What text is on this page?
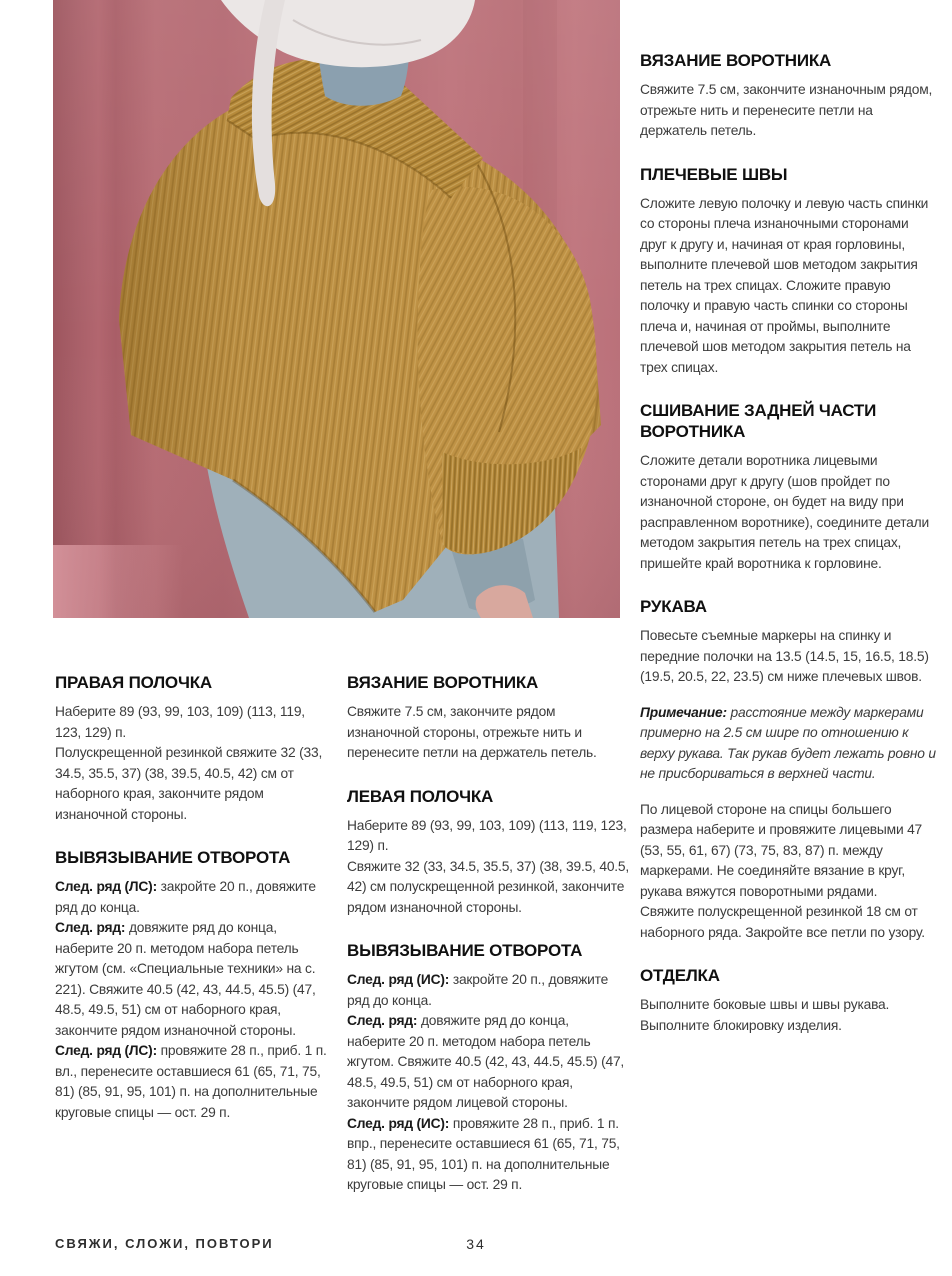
ВЯЗАНИЕ ВОРОТНИКА

Свяжите 7.5 см, закончите изнаночным рядом, отрежьте нить и перенесите петли на держатель петель.

ПЛЕЧЕВЫЕ ШВЫ

Сложите левую полочку и левую часть спинки со стороны плеча изнаночными сторонами друг к другу и, начиная от края горловины, выполните плечевой шов методом закрытия петель на трех спицах. Сложите правую полочку и правую часть спинки со стороны плеча и, начиная от проймы, выполните плечевой шов методом закрытия петель на трех спицах.

СШИВАНИЕ ЗАДНЕЙ ЧАСТИ ВОРОТНИКА

Сложите детали воротника лицевыми сторонами друг к другу (шов пройдет по изнаночной стороне, он будет на виду при расправленном воротнике), соедините детали методом закрытия петель на трех спицах, пришейте край воротника к горловине.

РУКАВА

Повесьте съемные маркеры на спинку и передние полочки на 13.5 (14.5, 15, 16.5, 18.5) (19.5, 20.5, 22, 23.5) см ниже плечевых швов.

Примечание: расстояние между маркерами примерно на 2.5 см шире по отношению к верху рукава. Так рукав будет лежать ровно и не присбориваться в верхней части.

По лицевой стороне на спицы большего размера наберите и провяжите лицевыми 47 (53, 55, 61, 67) (73, 75, 83, 87) п. между маркерами. Не соединяйте вязание в круг, рукава вяжутся поворотными рядами.

Свяжите полускрещенной резинкой 18 см от наборного ряда. Закройте все петли по узору.

ОТДЕЛКА

Выполните боковые швы и швы рукава.

Выполните блокировку изделия.

ПРАВАЯ ПОЛОЧКА

Наберите 89 (93, 99, 103, 109) (113, 119, 123, 129) п.

Полускрещенной резинкой свяжите 32 (33, 34.5, 35.5, 37) (38, 39.5, 40.5, 42) см от наборного края, закончите рядом изнаночной стороны.

ВЫВЯЗЫВАНИЕ ОТВОРОТА

След. ряд (ЛС): закройте 20 п., довяжите ряд до конца.

След. ряд: довяжите ряд до конца, наберите 20 п. методом набора петель жгутом (см. «Специальные техники» на с. 221). Свяжите 40.5 (42, 43, 44.5, 45.5) (47, 48.5, 49.5, 51) см от наборного края, закончите рядом изнаночной стороны.

След. ряд (ЛС): провяжите 28 п., приб. 1 п. вл., перенесите оставшиеся 61 (65, 71, 75, 81) (85, 91, 95, 101) п. на дополнительные круговые спицы — ост. 29 п.

ВЯЗАНИЕ ВОРОТНИКА

Свяжите 7.5 см, закончите рядом изнаночной стороны, отрежьте нить и перенесите петли на держатель петель.

ЛЕВАЯ ПОЛОЧКА

Наберите 89 (93, 99, 103, 109) (113, 119, 123, 129) п.

Свяжите 32 (33, 34.5, 35.5, 37) (38, 39.5, 40.5, 42) см полускрещенной резинкой, закончите рядом изнаночной стороны.

ВЫВЯЗЫВАНИЕ ОТВОРОТА

След. ряд (ИС): закройте 20 п., довяжите ряд до конца.

След. ряд: довяжите ряд до конца, наберите 20 п. методом набора петель жгутом. Свяжите 40.5 (42, 43, 44.5, 45.5) (47, 48.5, 49.5, 51) см от наборного края, закончите рядом лицевой стороны.

След. ряд (ИС): провяжите 28 п., приб. 1 п. впр., перенесите оставшиеся 61 (65, 71, 75, 81) (85, 91, 95, 101) п. на дополнительные круговые спицы — ост. 29 п.

СВЯЖИ, СЛОЖИ, ПОВТОРИ	34
